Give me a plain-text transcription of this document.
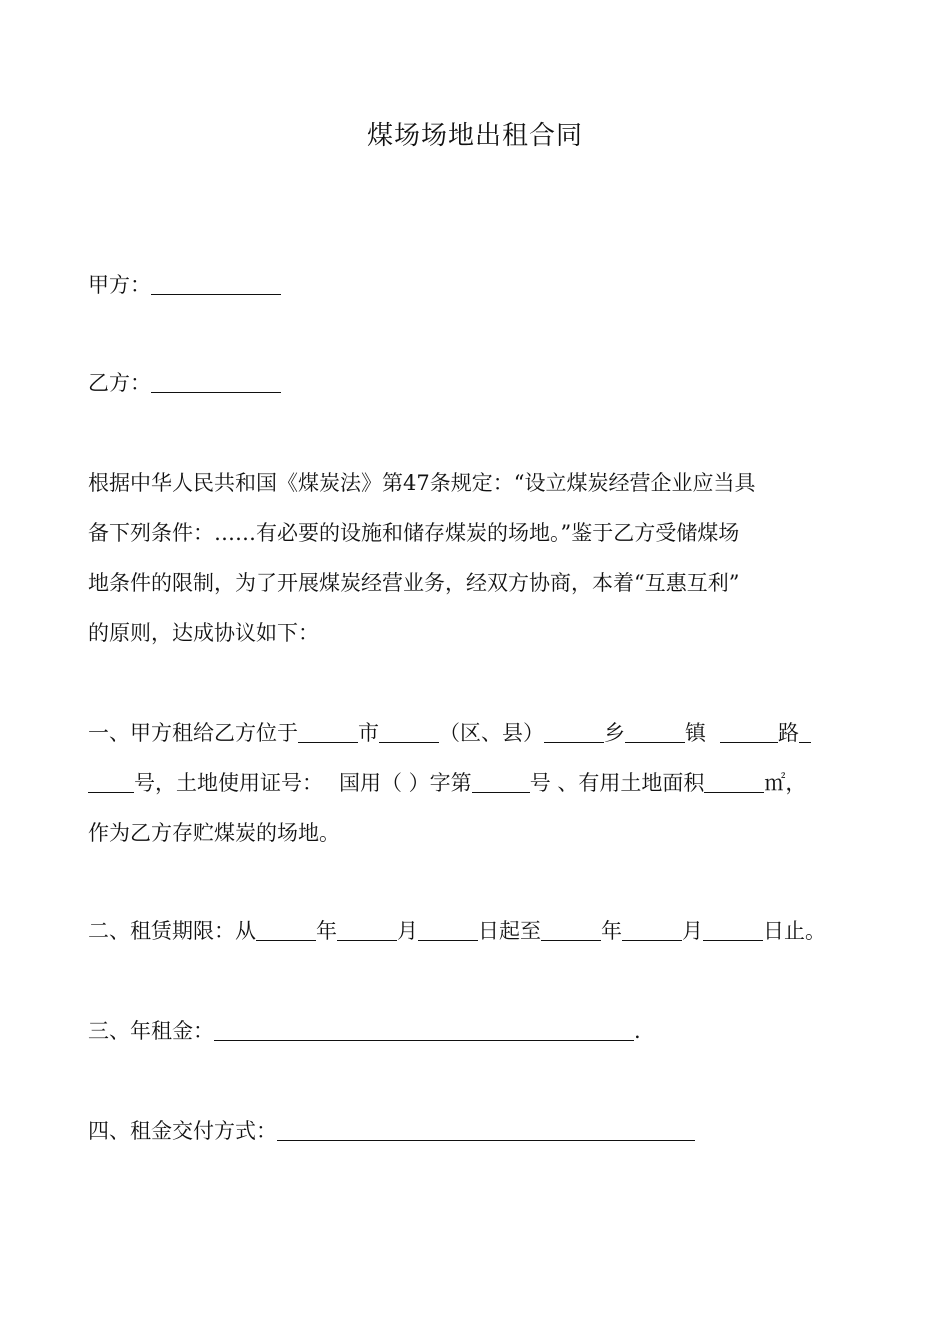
煤场场地出租合同
甲方：
乙方：
根据中华人民共和国《煤炭法》第47条规定：“设立煤炭经营企业应当具
备下列条件：……有必要的设施和储存煤炭的场地。”鉴于乙方受储煤场
地条件的限制，为了开展煤炭经营业务，经双方协商，本着“互惠互利”
的原则，达成协议如下：
一、甲方租给乙方位于	市	（区、县）	乡	镇	路
号，土地使用证号： 国用（ ）字第	号 、有用土地面积	㎡，
作为乙方存贮煤炭的场地。
二、租赁期限：从	年	月	日起至	年	月	日止。
三、年租金：	.
四、租金交付方式：
